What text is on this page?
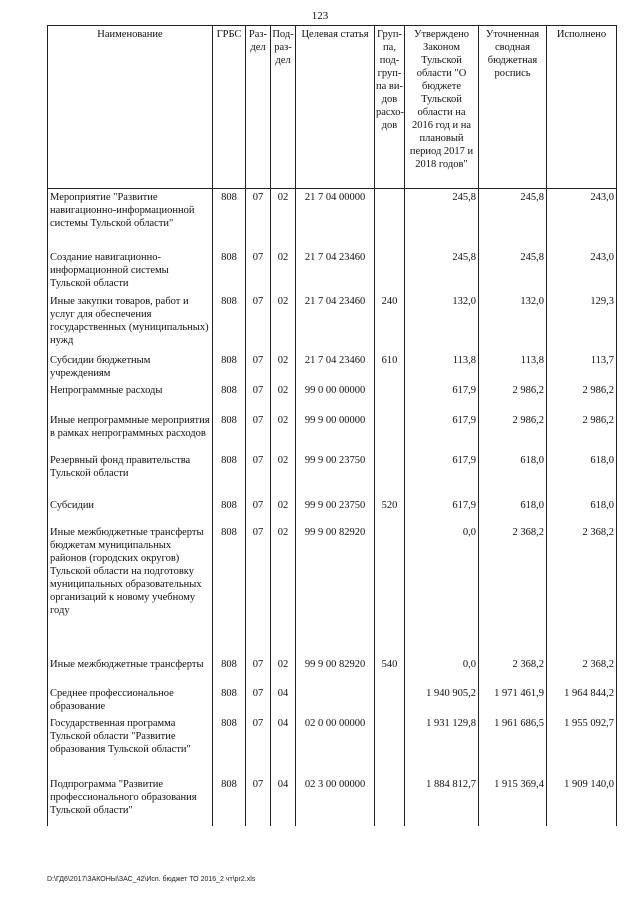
123
Наименование	ГРБС	Раз-дел	Под-раз-дел	Целевая статья	Груп-па, под-груп-па ви-дов расхо-дов	Утверждено Законом Тульской области "О бюджете Тульской области на 2016 год и на плановый период 2017 и 2018 годов"	Уточненная сводная бюджетная роспись	Исполнено
Мероприятие "Развитие навигационно-информационной системы Тульской области"	808	07	02	21 7 04 00000		245,8	245,8	243,0
Создание навигационно-информационной системы Тульской области	808	07	02	21 7 04 23460		245,8	245,8	243,0
Иные закупки товаров, работ и услуг для обеспечения государственных (муниципальных) нужд	808	07	02	21 7 04 23460	240	132,0	132,0	129,3
Субсидии бюджетным учреждениям	808	07	02	21 7 04 23460	610	113,8	113,8	113,7
Непрограммные расходы	808	07	02	99 0 00 00000		617,9	2 986,2	2 986,2
Иные непрограммные мероприятия в рамках непрограммных расходов	808	07	02	99 9 00 00000		617,9	2 986,2	2 986,2
Резервный фонд правительства Тульской области	808	07	02	99 9 00 23750		617,9	618,0	618,0
Субсидии	808	07	02	99 9 00 23750	520	617,9	618,0	618,0
Иные межбюджетные трансферты бюджетам муниципальных районов (городских округов) Тульской области на подготовку муниципальных образовательных организаций к новому учебному году	808	07	02	99 9 00 82920		0,0	2 368,2	2 368,2
Иные межбюджетные трансферты	808	07	02	99 9 00 82920	540	0,0	2 368,2	2 368,2
Среднее профессиональное образование	808	07	04			1 940 905,2	1 971 461,9	1 964 844,2
Государственная программа Тульской области "Развитие образования Тульской области"	808	07	04	02 0 00 00000		1 931 129,8	1 961 686,5	1 955 092,7
Подпрограмма "Развитие профессионального образования Тульской области"	808	07	04	02 3 00 00000		1 884 812,7	1 915 369,4	1 909 140,0
D:\ГД6\2017\ЗАКОНЫ\ЗАС_42\Исп. бюджет ТО 2016_2 чт\pr2.xls
